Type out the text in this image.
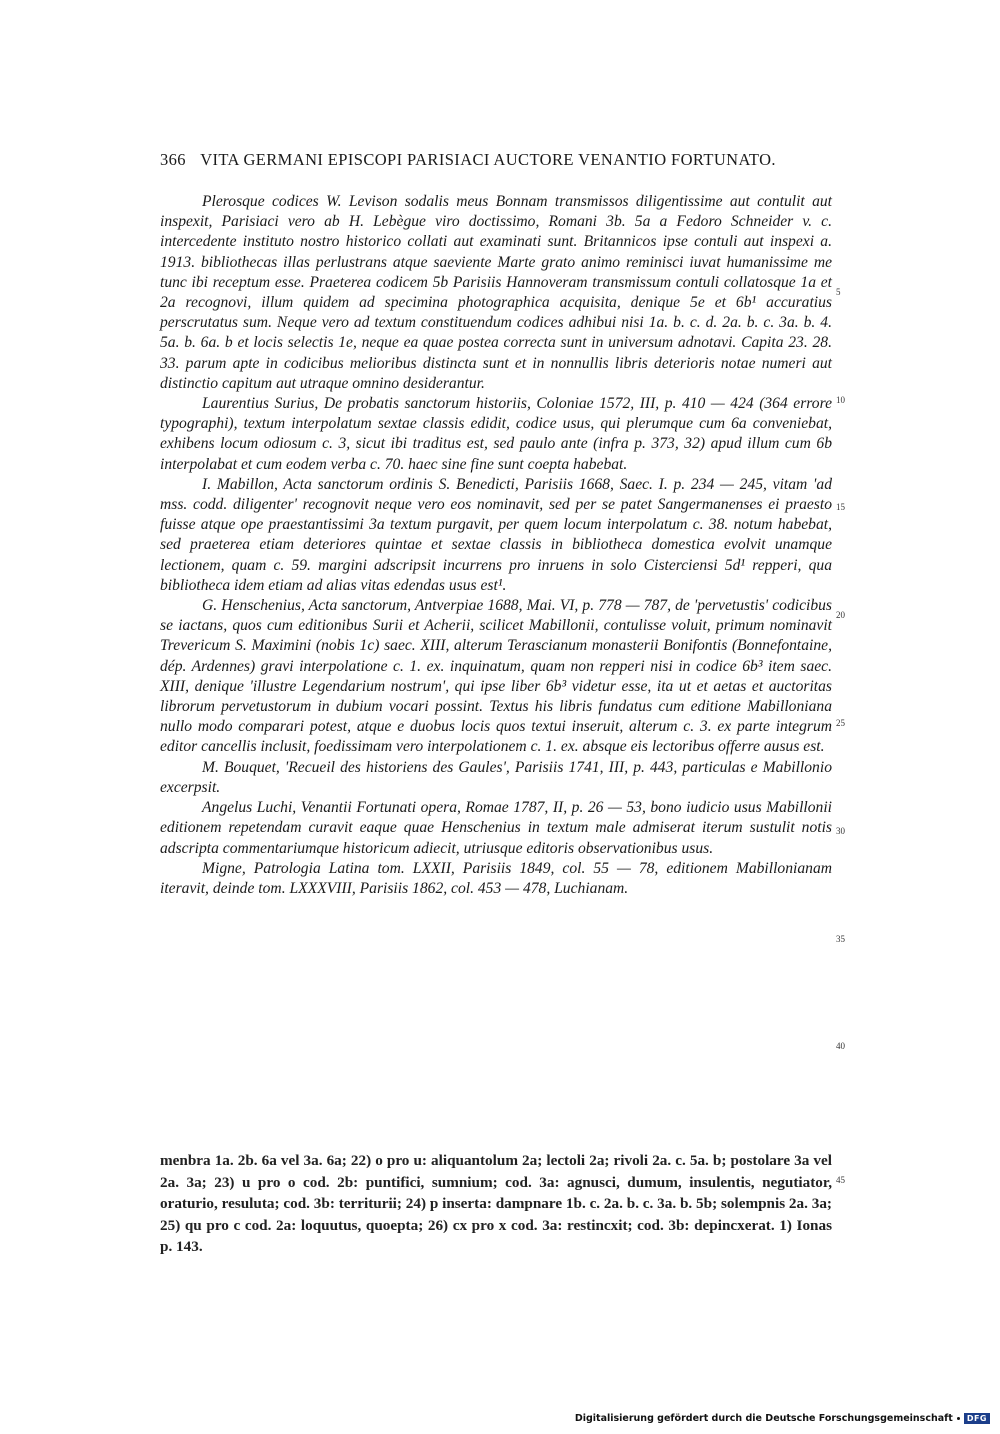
366 VITA GERMANI EPISCOPI PARISIACI AUCTORE VENANTIO FORTUNATO.

Plerosque codices W. Levison sodalis meus Bonnam transmissos diligentissime aut contulit aut inspexit, Parisiaci vero ab H. Lebègue viro doctissimo, Romani 3b. 5a a Fedoro Schneider v. c. intercedente instituto nostro historico collati aut examinati sunt. Britannicos ipse contuli aut inspexi a. 1913. bibliothecas illas perlustrans atque saeviente Marte grato animo reminisci iuvat humanissime me tunc ibi receptum esse. Praeterea codicem 5b Parisiis Hannoveram transmissum contuli collatosque 1a et 2a recognovi, illum quidem ad specimina photographica acquisita, denique 5e et 6b¹ accuratius perscrutatus sum. Neque vero ad textum constituendum codices adhibui nisi 1a. b. c. d. 2a. b. c. 3a. b. 4. 5a. b. 6a. b et locis selectis 1e, neque ea quae postea correcta sunt in universum adnotavi. Capita 23. 28. 33. parum apte in codicibus melioribus distincta sunt et in nonnullis libris deterioris notae numeri aut distinctio capitum aut utraque omnino desiderantur.

Laurentius Surius, De probatis sanctorum historiis, Coloniae 1572, III, p. 410 — 424 (364 errore typographi), textum interpolatum sextae classis edidit, codice usus, qui plerumque cum 6a conveniebat, exhibens locum odiosum c. 3, sicut ibi traditus est, sed paulo ante (infra p. 373, 32) apud illum cum 6b interpolabat et cum eodem verba c. 70. haec sine fine sunt coepta habebat.

I. Mabillon, Acta sanctorum ordinis S. Benedicti, Parisiis 1668, Saec. I. p. 234 — 245, vitam 'ad mss. codd. diligenter' recognovit neque vero eos nominavit, sed per se patet Sangermanenses ei praesto fuisse atque ope praestantissimi 3a textum purgavit, per quem locum interpolatum c. 38. notum habebat, sed praeterea etiam deteriores quintae et sextae classis in bibliotheca domestica evolvit unamque lectionem, quam c. 59. margini adscripsit incurrens pro inruens in solo Cisterciensi 5d¹ repperi, qua bibliotheca idem etiam ad alias vitas edendas usus est¹.

G. Henschenius, Acta sanctorum, Antverpiae 1688, Mai. VI, p. 778 — 787, de 'pervetustis' codicibus se iactans, quos cum editionibus Surii et Acherii, scilicet Mabillonii, contulisse voluit, primum nominavit Trevericum S. Maximini (nobis 1c) saec. XIII, alterum Terascianum monasterii Bonifontis (Bonnefontaine, dép. Ardennes) gravi interpolatione c. 1. ex. inquinatum, quam non repperi nisi in codice 6b³ item saec. XIII, denique 'illustre Legendarium nostrum', qui ipse liber 6b³ videtur esse, ita ut et aetas et auctoritas librorum pervetustorum in dubium vocari possint. Textus his libris fundatus cum editione Mabilloniana nullo modo comparari potest, atque e duobus locis quos textui inseruit, alterum c. 3. ex parte integrum editor cancellis inclusit, foedissimam vero interpolationem c. 1. ex. absque eis lectoribus offerre ausus est.

M. Bouquet, 'Recueil des historiens des Gaules', Parisiis 1741, III, p. 443, particulas e Mabillonio excerpsit.

Angelus Luchi, Venantii Fortunati opera, Romae 1787, II, p. 26 — 53, bono iudicio usus Mabillonii editionem repetendam curavit eaque quae Henschenius in textum male admiserat iterum sustulit notis adscripta commentariumque historicum adiecit, utriusque editoris observationibus usus.

Migne, Patrologia Latina tom. LXXII, Parisiis 1849, col. 55 — 78, editionem Mabillonianam iteravit, deinde tom. LXXXVIII, Parisiis 1862, col. 453 — 478, Luchianam.

5
10
15
20
25
30
35
40
45

menbra 1a. 2b. 6a vel 3a. 6a; 22) o pro u: aliquantolum 2a; lectoli 2a; rivoli 2a. c. 5a. b; postolare 3a vel 2a. 3a; 23) u pro o cod. 2b: puntifici, sumnium; cod. 3a: agnusci, dumum, insulentis, negutiator, oraturio, resuluta; cod. 3b: territurii; 24) p inserta: dampnare 1b. c. 2a. b. c. 3a. b. 5b; solempnis 2a. 3a; 25) qu pro c cod. 2a: loquutus, quoepta; 26) cx pro x cod. 3a: restincxit; cod. 3b: depincxerat. 1) Ionas p. 143.

Digitalisierung gefördert durch die Deutsche Forschungsgemeinschaft	DFG
